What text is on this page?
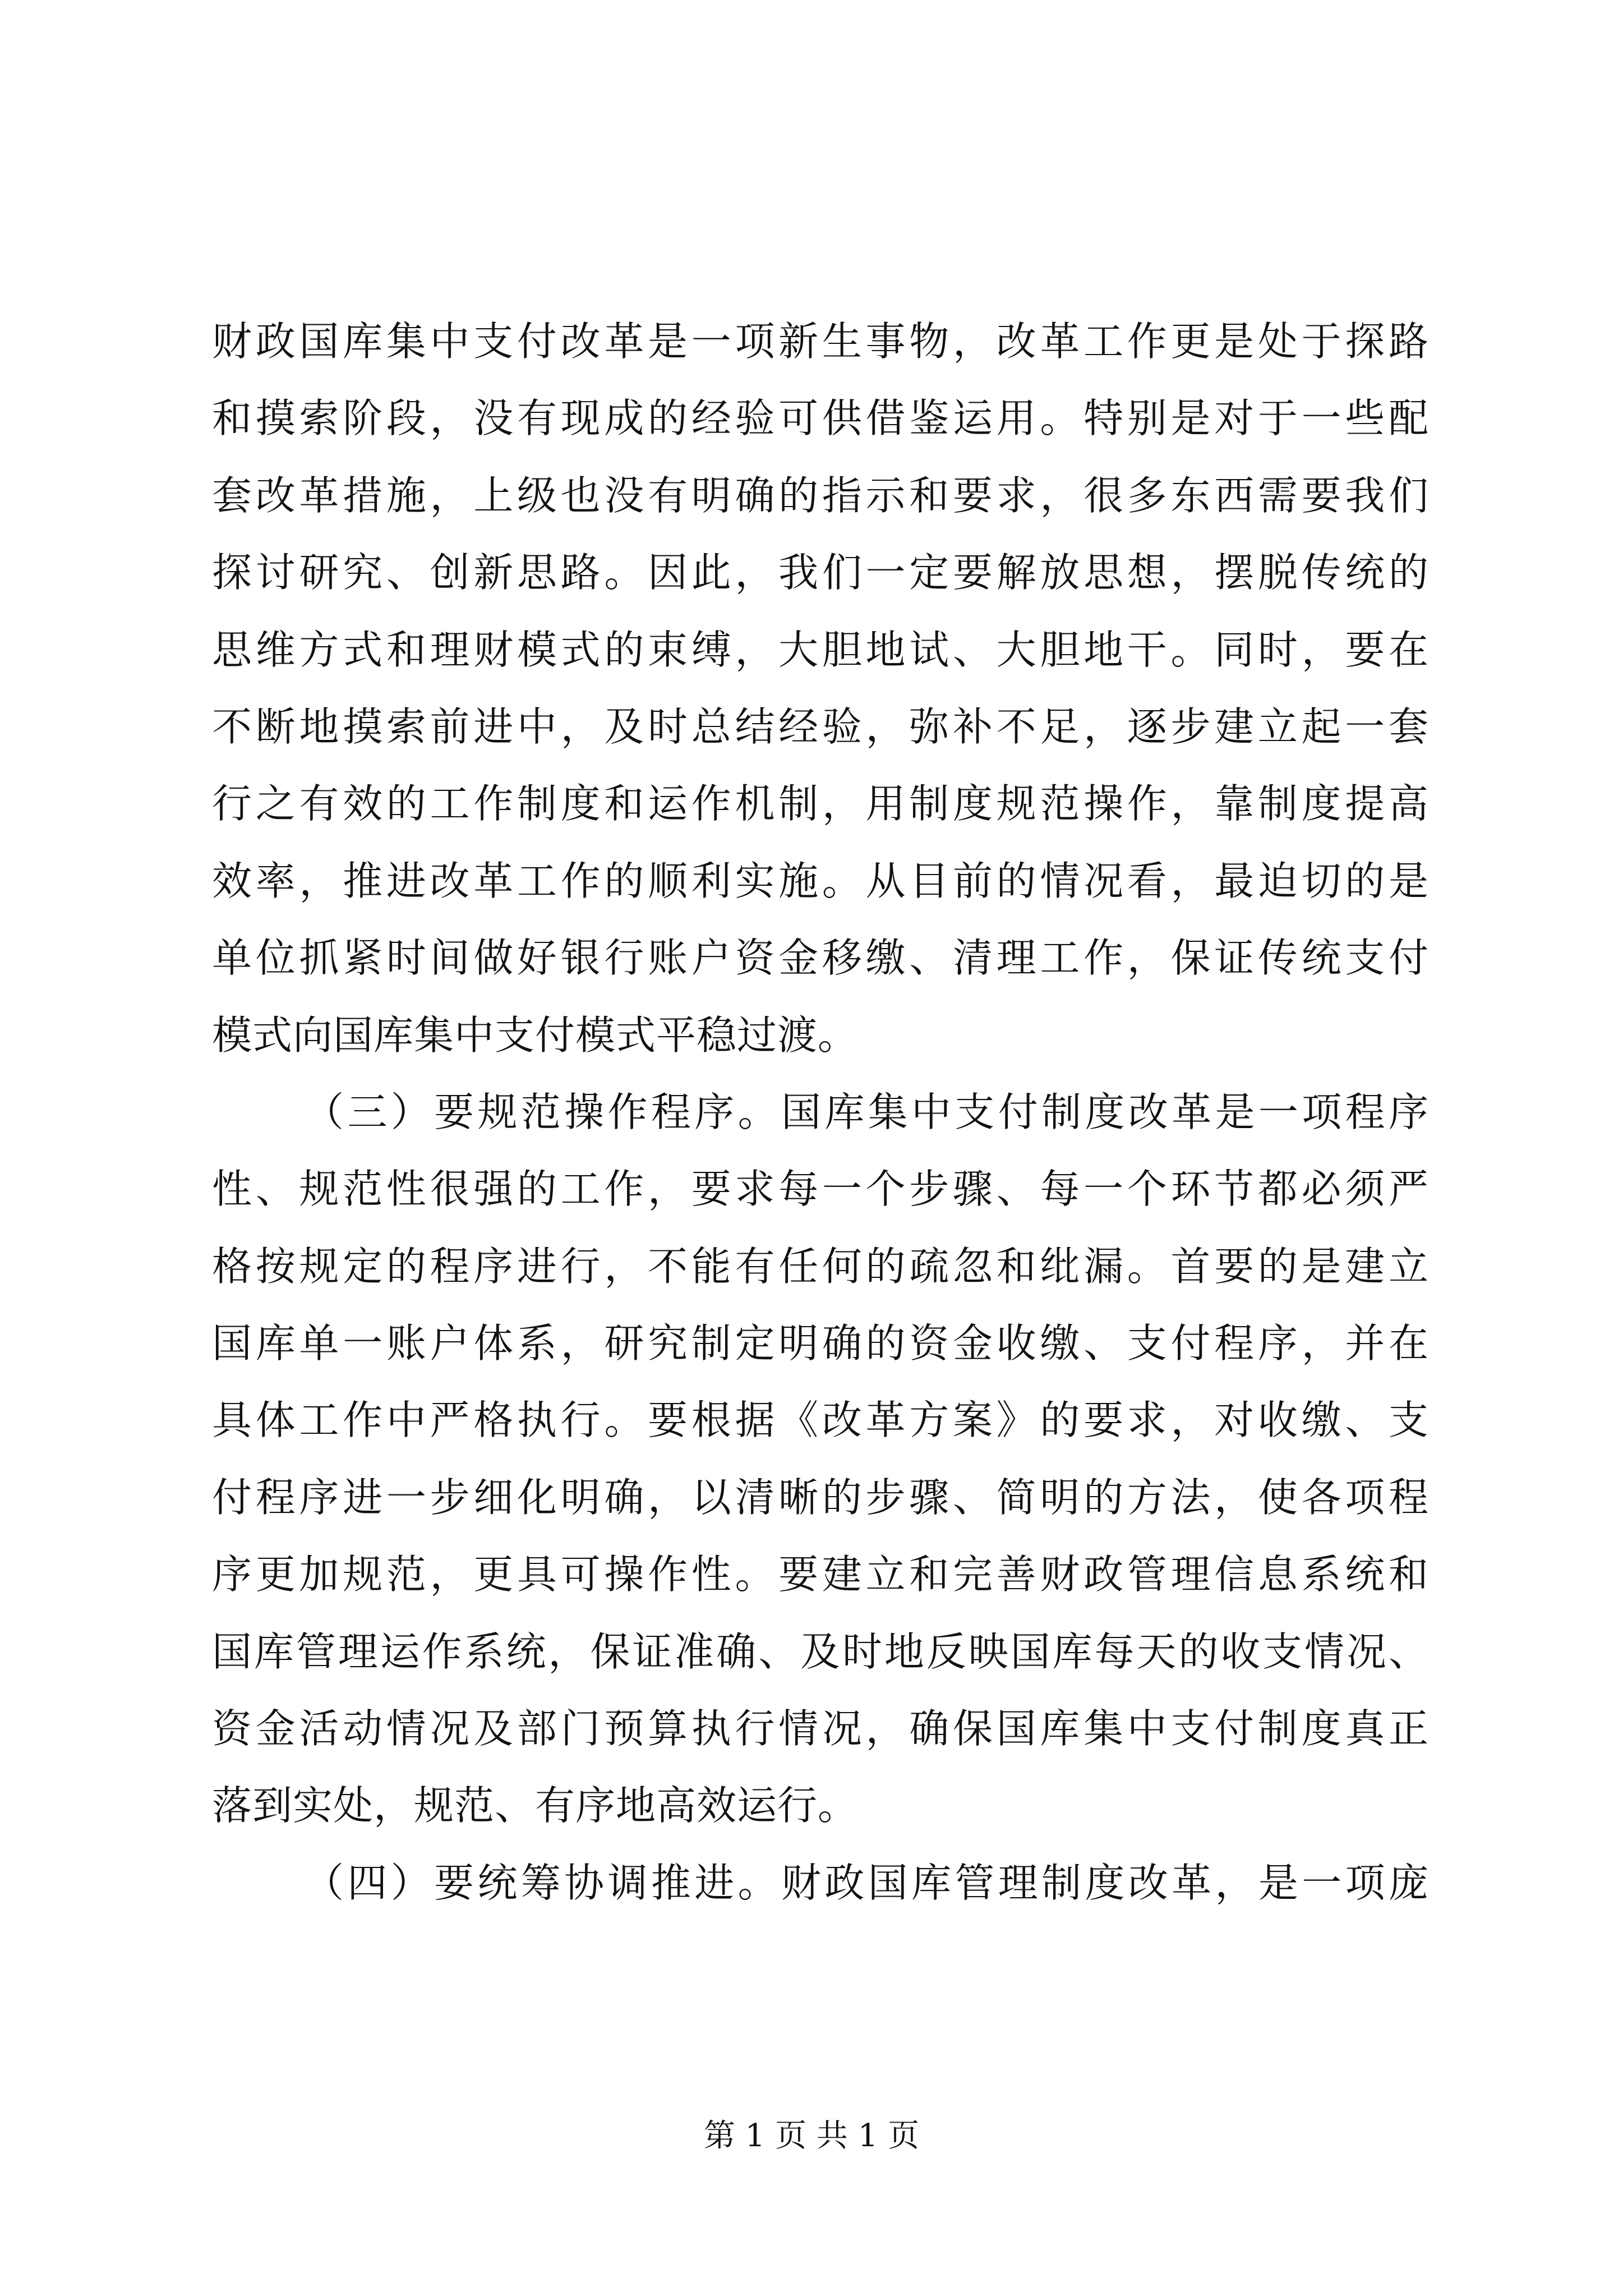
财政国库集中支付改革是一项新生事物，改革工作更是处于探路
和摸索阶段，没有现成的经验可供借鉴运用。特别是对于一些配
套改革措施，上级也没有明确的指示和要求，很多东西需要我们
探讨研究、创新思路。因此，我们一定要解放思想，摆脱传统的
思维方式和理财模式的束缚，大胆地试、大胆地干。同时，要在
不断地摸索前进中，及时总结经验，弥补不足，逐步建立起一套
行之有效的工作制度和运作机制，用制度规范操作，靠制度提高
效率，推进改革工作的顺利实施。从目前的情况看，最迫切的是
单位抓紧时间做好银行账户资金移缴、清理工作，保证传统支付
模式向国库集中支付模式平稳过渡。
（三）要规范操作程序。国库集中支付制度改革是一项程序
性、规范性很强的工作，要求每一个步骤、每一个环节都必须严
格按规定的程序进行，不能有任何的疏忽和纰漏。首要的是建立
国库单一账户体系，研究制定明确的资金收缴、支付程序，并在
具体工作中严格执行。要根据《改革方案》的要求，对收缴、支
付程序进一步细化明确，以清晰的步骤、简明的方法，使各项程
序更加规范，更具可操作性。要建立和完善财政管理信息系统和
国库管理运作系统，保证准确、及时地反映国库每天的收支情况、
资金活动情况及部门预算执行情况，确保国库集中支付制度真正
落到实处，规范、有序地高效运行。
（四）要统筹协调推进。财政国库管理制度改革，是一项庞
第 1 页 共 1 页
